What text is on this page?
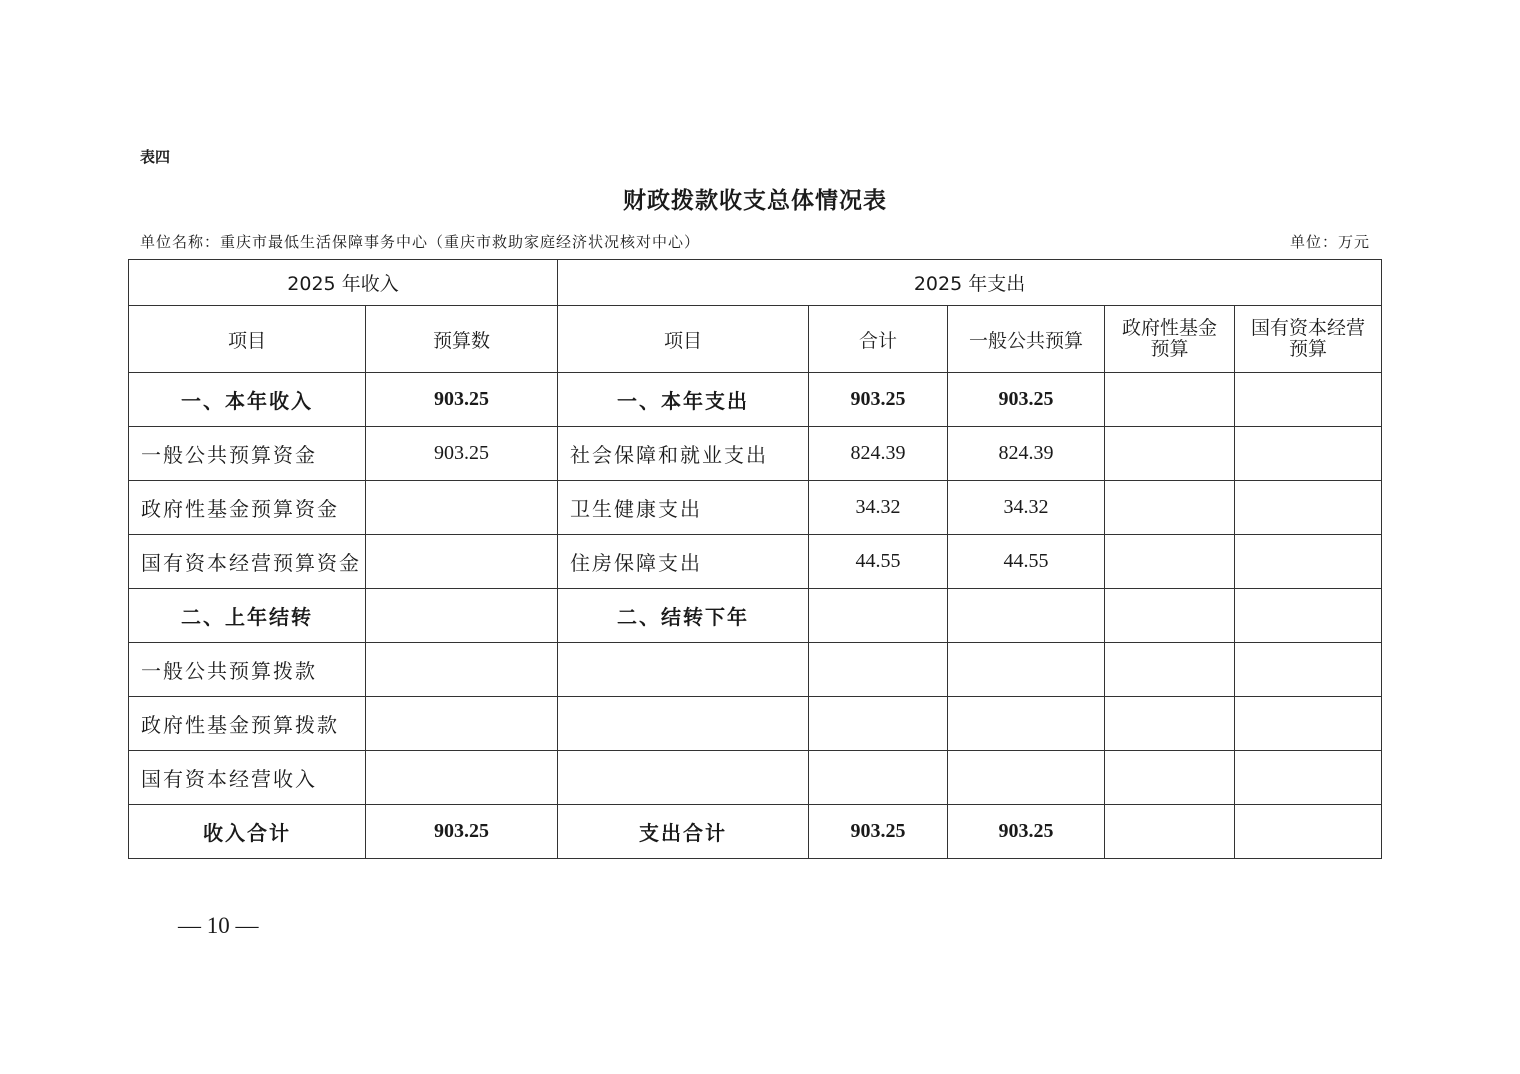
表四
财政拨款收支总体情况表
单位名称：重庆市最低生活保障事务中心（重庆市救助家庭经济状况核对中心）	单位：万元
2025 年收入		2025 年支出				
项目	预算数	项目	合计	一般公共预算	政府性基金预算	国有资本经营预算
一、本年收入	903.25	一、本年支出	903.25	903.25		
一般公共预算资金	903.25	社会保障和就业支出	824.39	824.39		
政府性基金预算资金		卫生健康支出	34.32	34.32		
国有资本经营预算资金		住房保障支出	44.55	44.55		
二、上年结转		二、结转下年				
一般公共预算拨款						
政府性基金预算拨款						
国有资本经营收入						
收入合计	903.25	支出合计	903.25	903.25		
— 10 —
